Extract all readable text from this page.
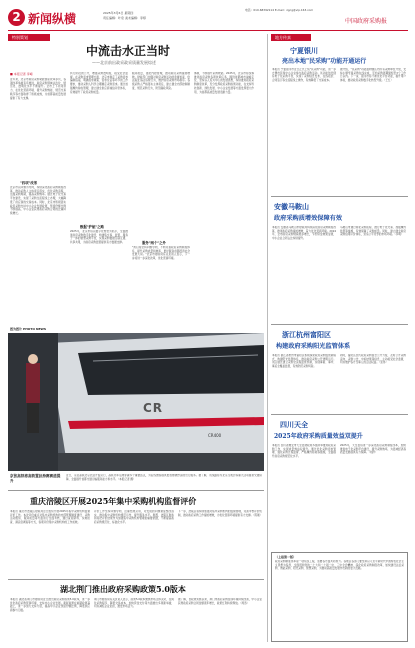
2 新闻纵横	2025年3月6日 星期四
责任编辑：叶泉 美术编辑：李婷
电话：010-68392114 E-mail：zgcg@vip.163.com
中国政府采购报
特别策划
中流击水正当时
——北京前出政采政采质量发展综述
■ 本报记者 李峰
近年来，北京市政府采购紧跟国家改革步伐，各项改革举措有序推进，政府采购领域法治化、规范化、透明化水平不断提升。全市上下共同努力，在优化营商环境、提升采购效能、规范交易秩序等方面取得了积极成效，为首都高质量发展提供了有力支撑。
"四项"改革
北京市以问题为导向，持续深化政府采购制度改革，推动采购人主体责任落实，优化采购流程，压缩采购周期，提高采购效率。通过电子化交易平台建设，实现了采购全流程线上办理，大幅降低了供应商的交易成本。同时，北京市积极落实政府采购支持中小企业发展政策，预留份额比例不断提高，中小企业获得政府采购合同的比重持续增长。
执行阶段的公开，增强采购透明度，接受社会监督。在采购需求管理方面，北京市制定了采购需求编制指南，明确需求调查、需求论证等环节的工作要求，推动采购人科学合理确定采购需求。通过加强履约验收管理，建立健全供应商诚信评价体系，有效提升了政府采购质量。
数据"护航"之路
2025年，北京市将以数字化转型为抓手，全面推进政府采购数字化建设，构建集交易、监管、服务于一体的智慧采购平台，实现采购数据互联互通、共享共用，为政府采购监管提供有力数据支撑。
服务质量，强化内控管理，推动政府采购提质增效。财政部门加强对政府采购活动的监督检查，依法查处违法违规行为，维护政府采购市场秩序。各级采购人严格落实主体责任，建立健全内部控制制度，规范采购行为，防范廉政风险。
服务"两个"之外
"我们将坚持问题导向，不断完善政府采购制度体系，提升采购质量和效率，更好服务首都经济社会发展大局。"北京市财政局有关负责人表示，下一步将进一步深化改革，优化营商环境。
体制，不断提升采购效能。2025年，北京市将统筹推进政府采购各项改革任务，围绕首都城市战略定位，坚持以人民为中心的发展思想，持续推进政府采购制度改革，充分发挥政府采购政策功能，在支持科技创新、绿色发展、中小企业发展等方面发挥更大作用，为首都高质量发展贡献力量。
图为图片 PHOTO NEWS
CR
CR400
京张高铁将高铁置扶持赛赛道提升
近日，京张高铁北京北站开始运行，高铁列车沿途穿越多个重要站点，为沿线旅客提供更加便捷舒适的出行服务。据了解，该线路将为北京冬奥会等重大活动提供交通保障，全面提升首都交通运输服务能力和水平。（本报记者 摄）
重庆涪陵区开展2025年集中采购机构监督评价
本报讯 重庆市涪陵区财政局近日组织开展2025年集中采购机构监督评价工作。本次评价重点对集中采购机构的内部管理制度建设、采购活动组织、服务质量等方面进行全面考核，通过查阅资料、实地检查、满意度调查等方式，客观评价集中采购机构的工作质效。
评价工作坚持问题导向，注重结果运用，对发现的问题督促整改落实，推动集中采购机构规范运作、提升服务水平。据悉，涪陵区财政局将把评价结果作为加强集中采购机构管理的重要依据，不断提高政府采购规范化、标准化水平。
下一步，涪陵区将持续加强对集中采购机构的监督管理，完善考核评价机制，推动政府采购工作提质增效，为优化营商环境提供有力支撑。（陈刚）
湖北荆门推出政府采购政策5.0版本
本报讯 湖北省荆门市财政局近日推出政府采购政策5.0版本，进一步优化政府采购营商环境，支持中小企业发展。新版政策在前期政策基础上，进一步加大支持力度，提高中小企业预留份额比例，降低供应商参与门槛。
荆门市财政局有关负责人表示，政策5.0版本聚焦市场主体关切，在简化采购程序、降低交易成本、加快资金支付等方面推出多项新举措，切实减轻企业负担，激发市场活力。
据了解，自政策实施以来，荆门市政府采购营商环境持续改善，中小企业获得政府采购合同金额逐年增长，政策红利持续释放。（周涛）
地方传真
宁夏银川
亮出本地"民采购"功能开通运行
本报讯 宁夏银川市近日正式上线"民采购"功能，进一步方便市民和中小企业参与政府采购活动。该功能依托现有电子化采购平台，实现了采购信息发布、在线报价、合同签订等全流程线上操作，有效降低了交易成本。
据介绍，"民采购"功能面向辖区内所有采购单位开放，支持小额零星采购在线完成，平均采购周期缩短至3个工作日以内。下一步，银川市将不断优化平台功能，提升用户体验，推动政府采购数字化转型升级。（王红）
安徽马鞍山
政府采购质增效保障有效
本报讯 安徽省马鞍山市财政局持续深化政府采购制度改革，推进政府采购提质增效，着力优化营商环境。2024年，全市政府采购规模稳步增长，节约资金效果显著，中小企业合同占比持续提升。
马鞍山市通过简化采购流程、推行电子化交易、加强履约监管等措施，有效保障了采购质量。同时，建立健全政府采购信用评价体系，营造公平竞争的市场环境。（李明）
浙江杭州富阳区
构建政府采购阳光监管体系
本报讯 浙江省杭州市富阳区积极探索政府采购监管新模式，构建阳光监管体系，推动政府采购公开透明运行。该区通过建立采购全流程监管机制，实现事前、事中、事后全覆盖监管，有效防范采购风险。
同时，富阳区加大政府采购信息公开力度，及时公开采购意向、采购公告、中标结果等信息，主动接受社会监督，切实维护各方当事人的合法权益。（张伟）
四川天全
2025年政府采购质量效益双提升
本报讯 四川省雅安市天全县财政局多措并举推进政府采购工作，实现质量效益双提升。通过优化采购需求管理、强化采购过程监督、严格履约验收等措施，全面提升政府采购规范化水平。
2025年，天全县将进一步深化政府采购制度改革，加快推进电子化采购平台建设，提升采购效率，为县域经济高质量发展提供有力保障。（刘洋）
（上接第一版）
政府采购制度改革是一项系统工程，需要各方面共同努力。各地区各部门要坚持以习近平新时代中国特色社会主义思想为指导，全面贯彻党的二十大和二十届二中、三中全会精神，深化政府采购制度改革，加快建设法治采购、效能采购、阳光采购、智慧采购，为推动高质量发展作出新的更大贡献。
